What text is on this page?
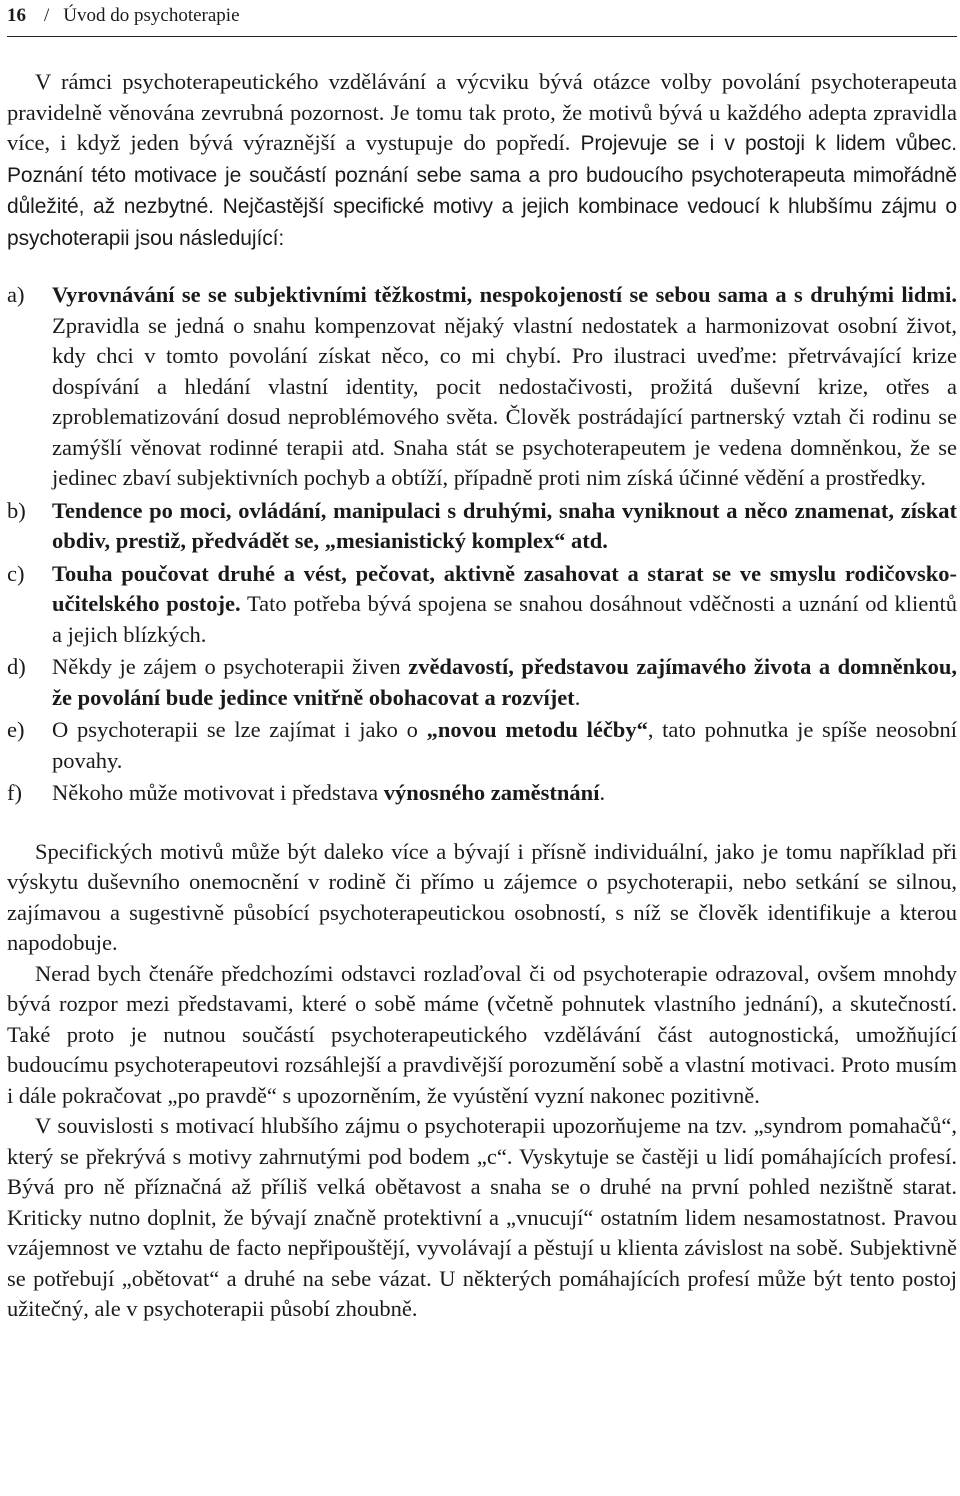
16 / Úvod do psychoterapie

V rámci psychoterapeutického vzdělávání a výcviku bývá otázce volby povolání psychoterapeuta pravidelně věnována zevrubná pozornost. Je tomu tak proto, že motivů bývá u každého adepta zpravidla více, i když jeden bývá výraznější a vystupuje do popředí. Projevuje se i v postoji k lidem vůbec. Poznání této motivace je součástí poznání sebe sama a pro budoucího psychoterapeuta mimořádně důležité, až nezbytné. Nejčastější specifické motivy a jejich kombinace vedoucí k hlubšímu zájmu o psychoterapii jsou následující:

a) Vyrovnávání se se subjektivními těžkostmi, nespokojeností se sebou sama a s druhými lidmi. Zpravidla se jedná o snahu kompenzovat nějaký vlastní nedostatek a harmonizovat osobní život, kdy chci v tomto povolání získat něco, co mi chybí. Pro ilustraci uveďme: přetrvávající krize dospívání a hledání vlastní identity, pocit nedostačivosti, prožitá duševní krize, otřes a zproblematizování dosud neproblémového světa. Člověk postrádající partnerský vztah či rodinu se zamýšlí věnovat rodinné terapii atd. Snaha stát se psychoterapeutem je vedena domněnkou, že se jedinec zbaví subjektivních pochyb a obtíží, případně proti nim získá účinné vědění a prostředky.
b) Tendence po moci, ovládání, manipulaci s druhými, snaha vyniknout a něco znamenat, získat obdiv, prestiž, předvádět se, „mesianistický komplex“ atd.
c) Touha poučovat druhé a vést, pečovat, aktivně zasahovat a starat se ve smyslu rodičovsko-učitelského postoje. Tato potřeba bývá spojena se snahou dosáhnout vděčnosti a uznání od klientů a jejich blízkých.
d) Někdy je zájem o psychoterapii živen zvědavostí, představou zajímavého života a domněnkou, že povolání bude jedince vnitřně obohacovat a rozvíjet.
e) O psychoterapii se lze zajímat i jako o „novou metodu léčby“, tato pohnutka je spíše neosobní povahy.
f) Někoho může motivovat i představa výnosného zaměstnání.

Specifických motivů může být daleko více a bývají i přísně individuální, jako je tomu například při výskytu duševního onemocnění v rodině či přímo u zájemce o psychoterapii, nebo setkání se silnou, zajímavou a sugestivně působící psychoterapeutickou osobností, s níž se člověk identifikuje a kterou napodobuje.

Nerad bych čtenáře předchozími odstavci rozlaďoval či od psychoterapie odrazoval, ovšem mnohdy bývá rozpor mezi představami, které o sobě máme (včetně pohnutek vlastního jednání), a skutečností. Také proto je nutnou součástí psychoterapeutického vzdělávání část autognostická, umožňující budoucímu psychoterapeutovi rozsáhlejší a pravdivější porozumění sobě a vlastní motivaci. Proto musím i dále pokračovat „po pravdě“ s upozorněním, že vyústění vyzní nakonec pozitivně.

V souvislosti s motivací hlubšího zájmu o psychoterapii upozorňujeme na tzv. „syndrom pomahačů“, který se překrývá s motivy zahrnutými pod bodem „c“. Vyskytuje se častěji u lidí pomáhajících profesí. Bývá pro ně příznačná až příliš velká obětavost a snaha se o druhé na první pohled nezištně starat. Kriticky nutno doplnit, že bývají značně protektivní a „vnucují“ ostatním lidem nesamostatnost. Pravou vzájemnost ve vztahu de facto nepřipouštějí, vyvolávají a pěstují u klienta závislost na sobě. Subjektivně se potřebují „obětovat“ a druhé na sebe vázat. U některých pomáhajících profesí může být tento postoj užitečný, ale v psychoterapii působí zhoubně.
